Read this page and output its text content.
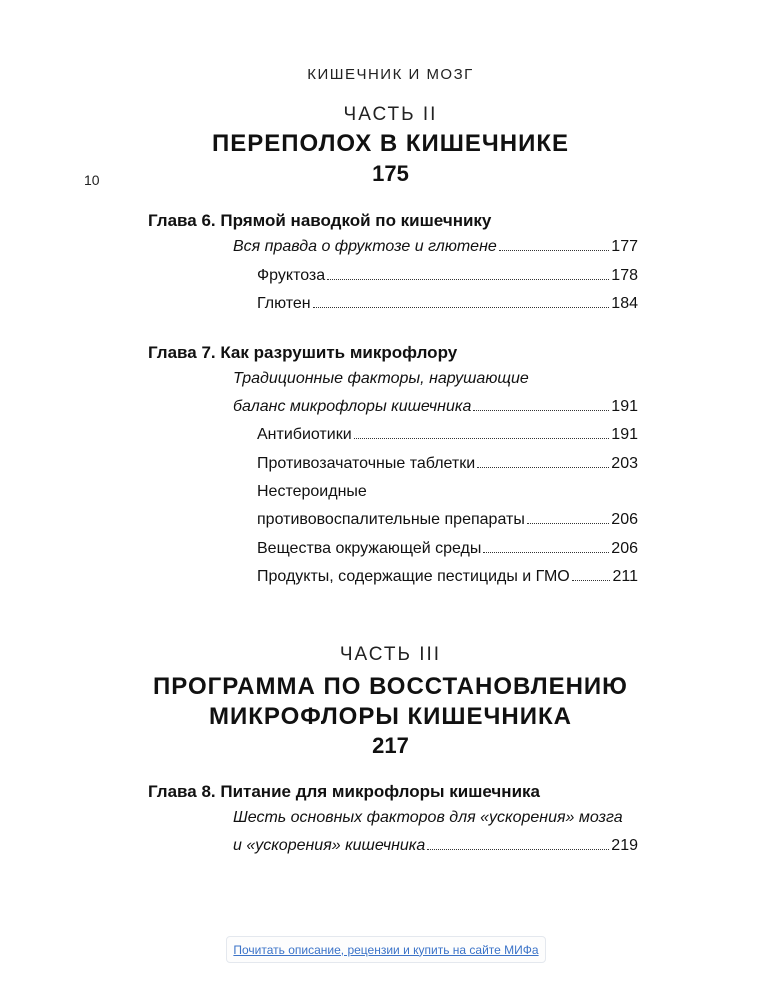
КИШЕЧНИК И МОЗГ
10
ЧАСТЬ II
ПЕРЕПОЛОХ В КИШЕЧНИКЕ
175
Глава 6. Прямой наводкой по кишечнику
Вся правда о фруктозе и глютене	177
Фруктоза	178
Глютен	184
Глава 7. Как разрушить микрофлору
Традиционные факторы, нарушающие
баланс микрофлоры кишечника	191
Антибиотики	191
Противозачаточные таблетки	203
Нестероидные
противовоспалительные препараты	206
Вещества окружающей среды	206
Продукты, содержащие пестициды и ГМО	211
ЧАСТЬ III
ПРОГРАММА ПО ВОССТАНОВЛЕНИЮ
МИКРОФЛОРЫ КИШЕЧНИКА
217
Глава 8. Питание для микрофлоры кишечника
Шесть основных факторов для «ускорения» мозга
и «ускорения» кишечника	219
Почитать описание, рецензии и купить на сайте МИФа
